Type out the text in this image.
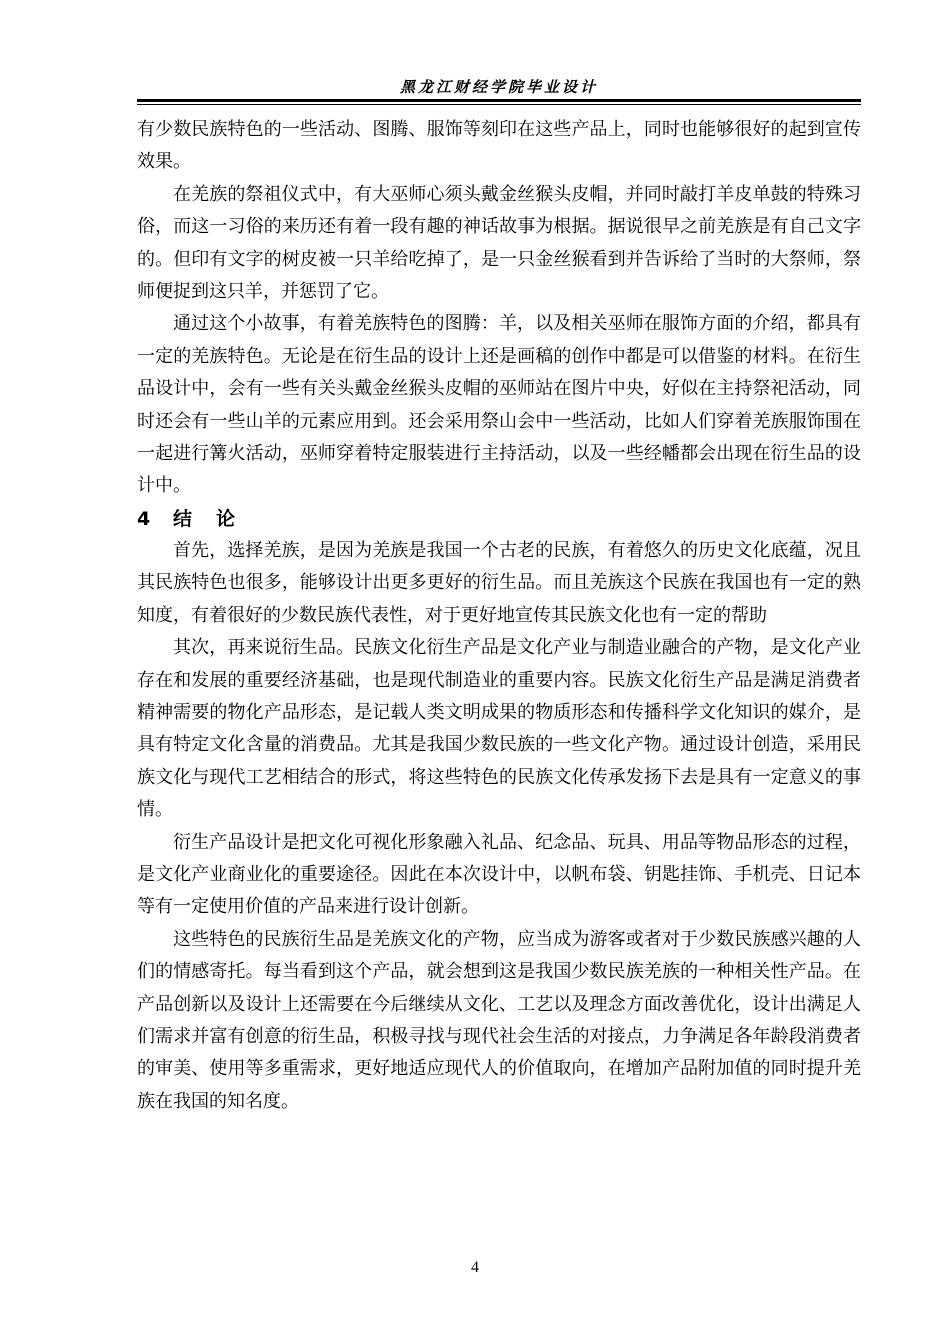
黑龙江财经学院毕业设计

有少数民族特色的一些活动、图腾、服饰等刻印在这些产品上，同时也能够很好的起到宣传效果。

在羌族的祭祖仪式中，有大巫师心须头戴金丝猴头皮帽，并同时敲打羊皮单鼓的特殊习俗，而这一习俗的来历还有着一段有趣的神话故事为根据。据说很早之前羌族是有自己文字的。但印有文字的树皮被一只羊给吃掉了，是一只金丝猴看到并告诉给了当时的大祭师，祭师便捉到这只羊，并惩罚了它。

通过这个小故事，有着羌族特色的图腾：羊，以及相关巫师在服饰方面的介绍，都具有一定的羌族特色。无论是在衍生品的设计上还是画稿的创作中都是可以借鉴的材料。在衍生品设计中，会有一些有关头戴金丝猴头皮帽的巫师站在图片中央，好似在主持祭祀活动，同时还会有一些山羊的元素应用到。还会采用祭山会中一些活动，比如人们穿着羌族服饰围在一起进行篝火活动，巫师穿着特定服装进行主持活动，以及一些经幡都会出现在衍生品的设计中。

4 结论

首先，选择羌族，是因为羌族是我国一个古老的民族，有着悠久的历史文化底蕴，况且其民族特色也很多，能够设计出更多更好的衍生品。而且羌族这个民族在我国也有一定的熟知度，有着很好的少数民族代表性，对于更好地宣传其民族文化也有一定的帮助

其次，再来说衍生品。民族文化衍生产品是文化产业与制造业融合的产物，是文化产业存在和发展的重要经济基础，也是现代制造业的重要内容。民族文化衍生产品是满足消费者精神需要的物化产品形态，是记载人类文明成果的物质形态和传播科学文化知识的媒介，是具有特定文化含量的消费品。尤其是我国少数民族的一些文化产物。通过设计创造，采用民族文化与现代工艺相结合的形式，将这些特色的民族文化传承发扬下去是具有一定意义的事情。

衍生产品设计是把文化可视化形象融入礼品、纪念品、玩具、用品等物品形态的过程，是文化产业商业化的重要途径。因此在本次设计中，以帆布袋、钥匙挂饰、手机壳、日记本等有一定使用价值的产品来进行设计创新。

这些特色的民族衍生品是羌族文化的产物，应当成为游客或者对于少数民族感兴趣的人们的情感寄托。每当看到这个产品，就会想到这是我国少数民族羌族的一种相关性产品。在产品创新以及设计上还需要在今后继续从文化、工艺以及理念方面改善优化，设计出满足人们需求并富有创意的衍生品，积极寻找与现代社会生活的对接点，力争满足各年龄段消费者的审美、使用等多重需求，更好地适应现代人的价值取向，在增加产品附加值的同时提升羌族在我国的知名度。

4
